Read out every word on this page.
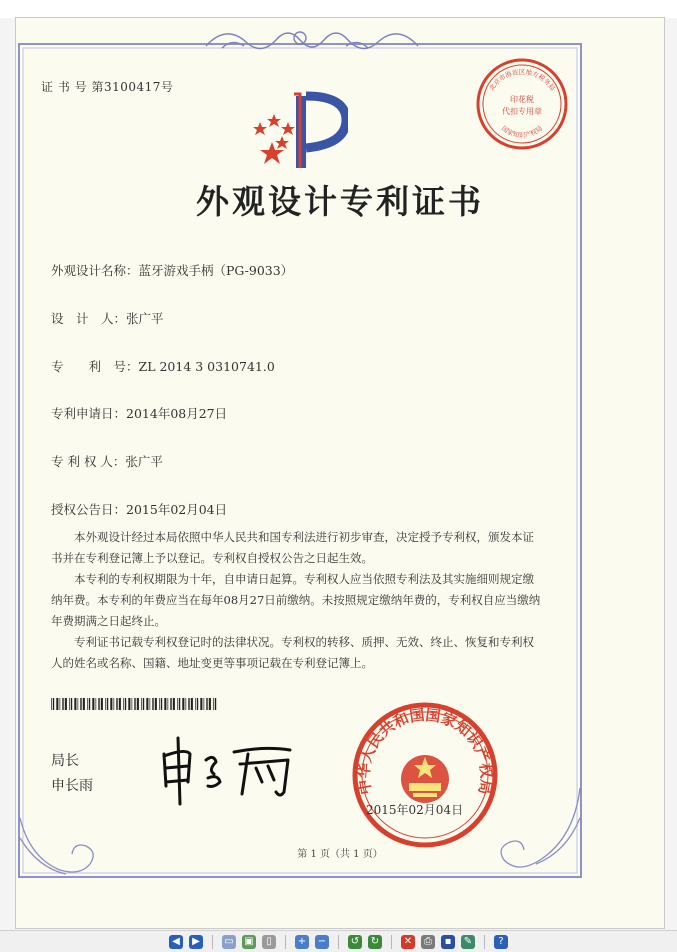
证 书 号 第3100417号	北京市海淀区地方税务局
印花税
代扣专用章
国家知识产权局
外观设计专利证书
外观设计名称：蓝牙游戏手柄（PG-9033）
设　计　人：张广平
专　　利　号：ZL 2014 3 0310741.0
专利申请日：2014年08月27日
专 利 权 人：张广平
授权公告日：2015年02月04日

本外观设计经过本局依照中华人民共和国专利法进行初步审查，决定授予专利权，颁发本证书并在专利登记簿上予以登记。专利权自授权公告之日起生效。

本专利的专利权期限为十年，自申请日起算。专利权人应当依照专利法及其实施细则规定缴纳年费。本专利的年费应当在每年08月27日前缴纳。未按照规定缴纳年费的，专利权自应当缴纳年费期满之日起终止。

专利证书记载专利权登记时的法律状况。专利权的转移、质押、无效、终止、恢复和专利权人的姓名或名称、国籍、地址变更等事项记载在专利登记簿上。

局长
申长雨	中华人民共和国国家知识产权局
2015年02月04日
第 1 页（共 1 页）
◀	▶	▭ ▣	▯	+ − ↺ ↻ ✕	⎙	▪	✎	?
